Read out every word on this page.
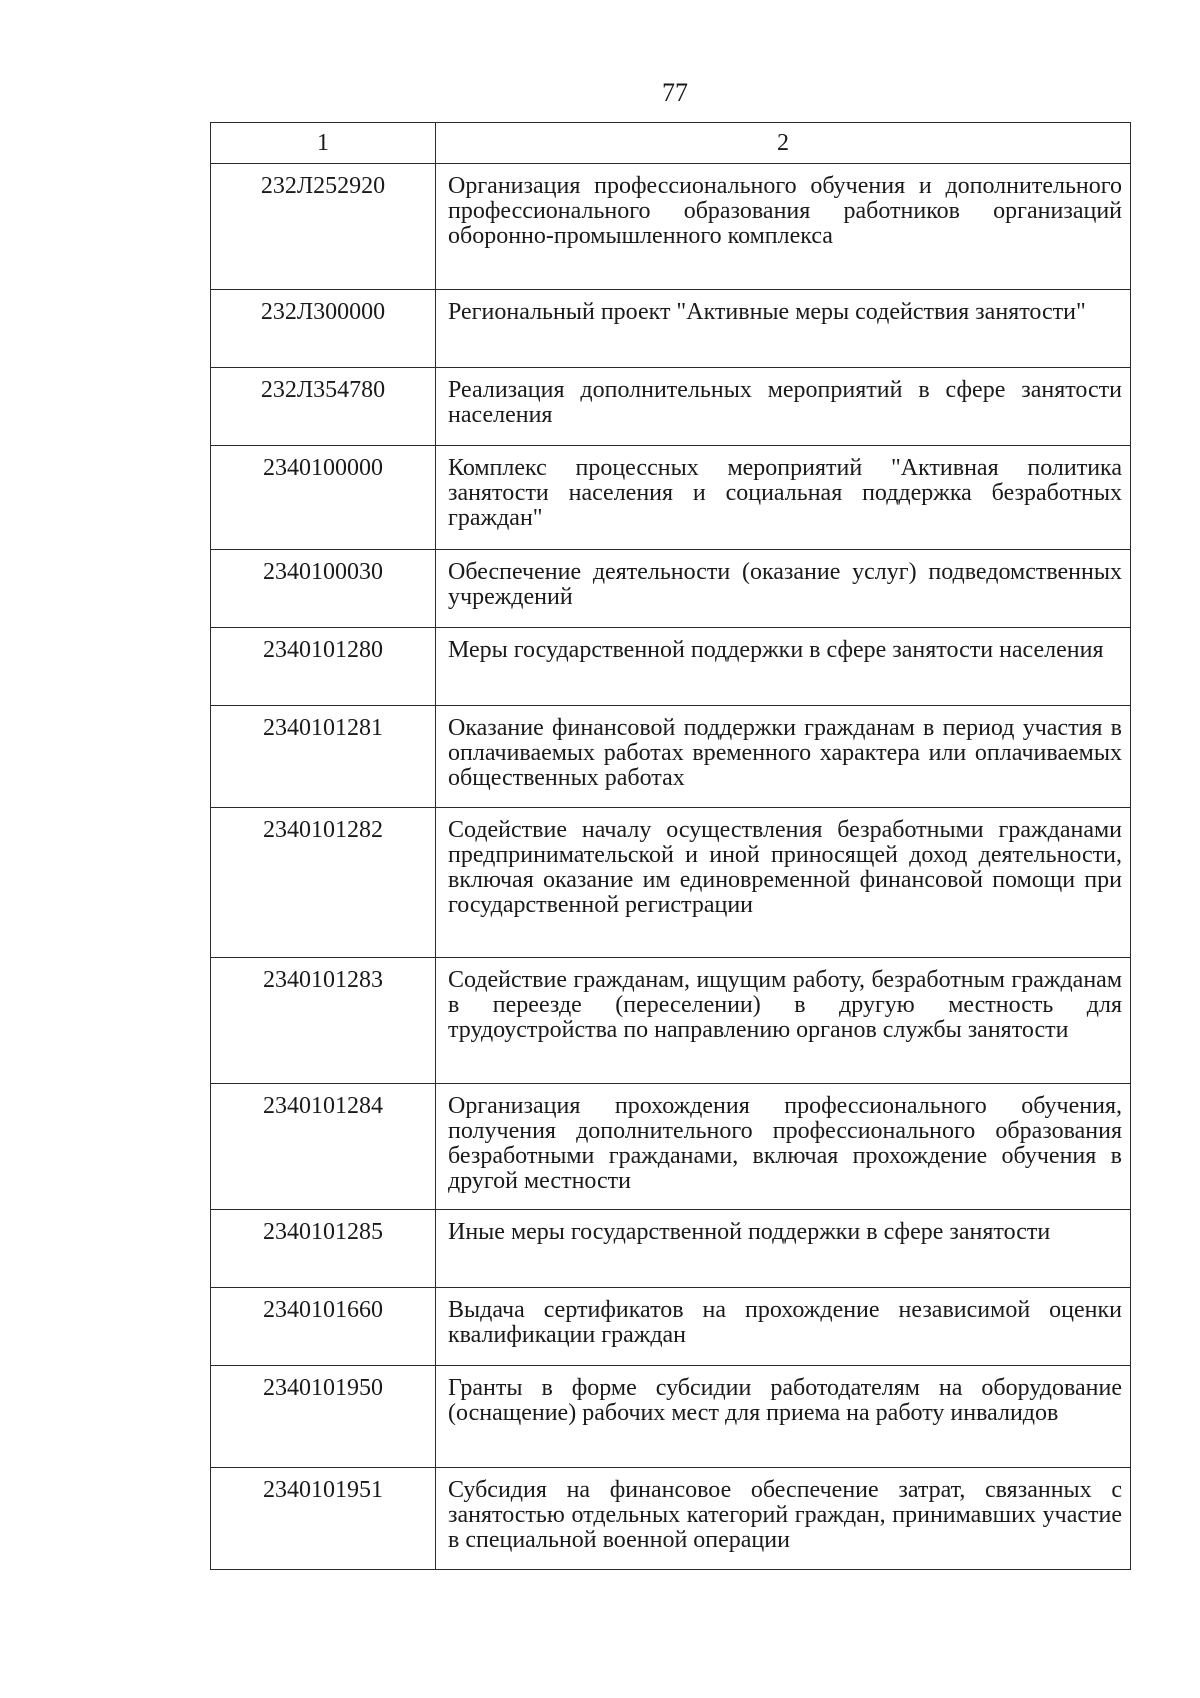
77
1	2
232Л252920	Организация профессионального обучения и дополнительного профессионального образования работников организаций оборонно-промышленного комплекса
232Л300000	Региональный проект "Активные меры содействия занятости"
232Л354780	Реализация дополнительных мероприятий в сфере занятости населения
2340100000	Комплекс процессных мероприятий "Активная политика занятости населения и социальная поддержка безработных граждан"
2340100030	Обеспечение деятельности (оказание услуг) подведомственных учреждений
2340101280	Меры государственной поддержки в сфере занятости населения
2340101281	Оказание финансовой поддержки гражданам в период участия в оплачиваемых работах временного характера или оплачиваемых общественных работах
2340101282	Содействие началу осуществления безработными гражданами предпринимательской и иной приносящей доход деятельности, включая оказание им единовременной финансовой помощи при государственной регистрации
2340101283	Содействие гражданам, ищущим работу, безработным гражданам в переезде (переселении) в другую местность для трудоустройства по направлению органов службы занятости
2340101284	Организация прохождения профессионального обучения, получения дополнительного профессионального образования безработными гражданами, включая прохождение обучения в другой местности
2340101285	Иные меры государственной поддержки в сфере занятости
2340101660	Выдача сертификатов на прохождение независимой оценки квалификации граждан
2340101950	Гранты в форме субсидии работодателям на оборудование (оснащение) рабочих мест для приема на работу инвалидов
2340101951	Субсидия на финансовое обеспечение затрат, связанных с занятостью отдельных категорий граждан, принимавших участие в специальной военной операции
